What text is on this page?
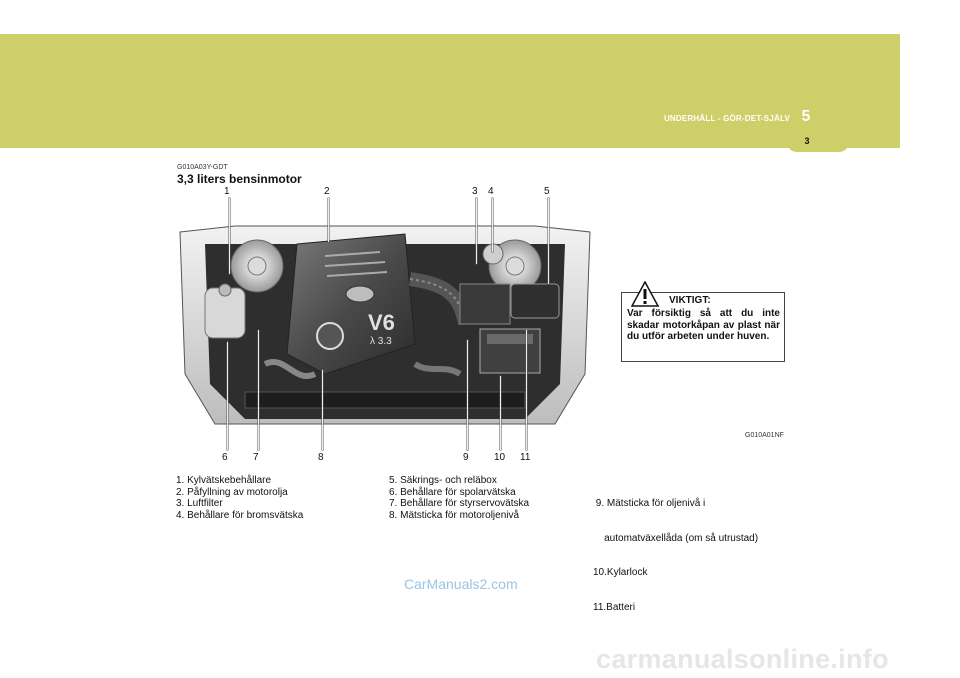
UNDERHÅLL - GÖR-DET-SJÄLV 5
3
G010A03Y-GDT
3,3 liters bensinmotor
1	2	3 4	5
V6
λ 3.3
6	7	8	9	10 11
VIKTIGT:
Var försiktig så att du inte skadar motorkåpan av plast när du utför arbeten under huven.
G010A01NF
1. Kylvätskebehållare
2. Påfyllning av motorolja
3. Luftfilter
4. Behållare för bromsvätska
5. Säkrings- och reläbox
6. Behållare för spolarvätska
7. Behållare för styrservovätska
8. Mätsticka för motoroljenivå

9. Mätsticka för oljenivå i

automatväxellåda (om så utrustad)

10.Kylarlock

11.Batteri

CarManuals2.com
carmanualsonline.info
